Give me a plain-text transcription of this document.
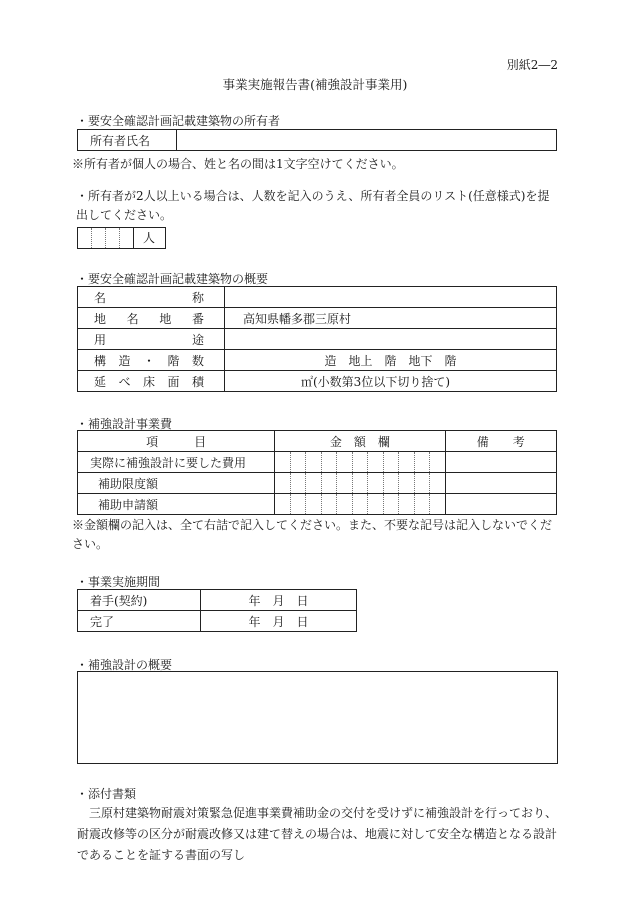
別紙2―2
事業実施報告書(補強設計事業用)
・要安全確認計画記載建築物の所有者
所有者氏名	
※所有者が個人の場合、姓と名の間は1文字空けてください。
・所有者が2人以上いる場合は、人数を記入のうえ、所有者全員のリスト(任意様式)を提出してください。
人
・要安全確認計画記載建築物の概要
名称	
地名地番	高知県幡多郡三原村
用途	
構造・階数	造　地上　階　地下　階
延べ床面積	㎡(小数第3位以下切り捨て)
・補強設計事業費
項　　　目	金　額　欄											備　　考
実際に補強設計に要した費用												
補助限度額												
補助申請額												
※金額欄の記入は、全て右詰で記入してください。また、不要な記号は記入しないでください。
・事業実施期間
着手(契約)	年　月　日
完了	年　月　日
・補強設計の概要
・添付書類
三原村建築物耐震対策緊急促進事業費補助金の交付を受けずに補強設計を行っており、耐震改修等の区分が耐震改修又は建て替えの場合は、地震に対して安全な構造となる設計であることを証する書面の写し
